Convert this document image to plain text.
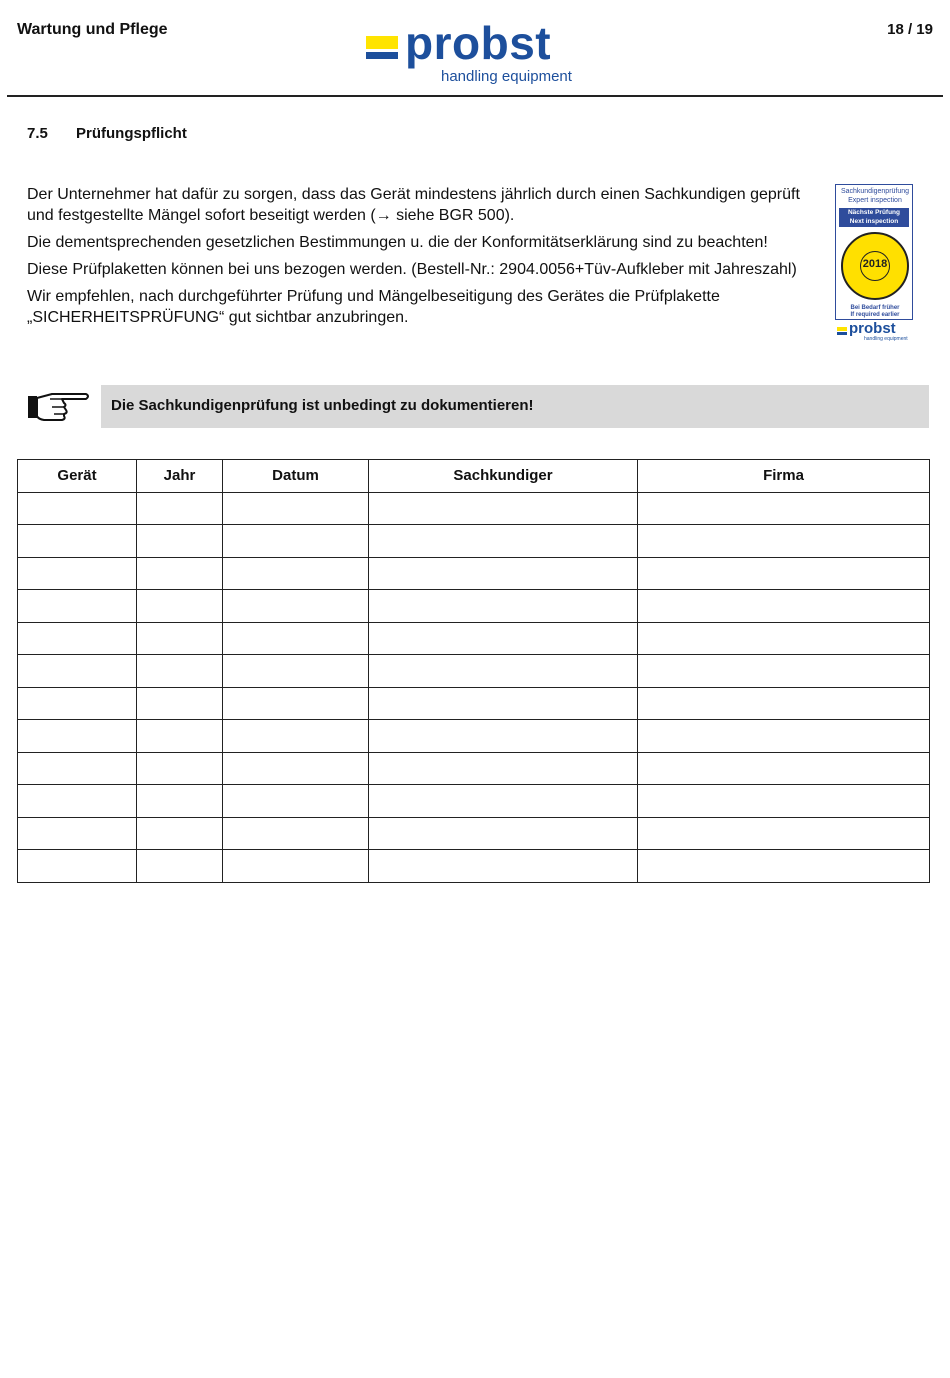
Wartung und Pflege	18 / 19
probst
handling equipment
7.5 Prüfungspflicht

Der Unternehmer hat dafür zu sorgen, dass das Gerät mindestens jährlich durch einen Sachkundigen geprüft und festgestellte Mängel sofort beseitigt werden (→ siehe BGR 500).

Die dementsprechenden gesetzlichen Bestimmungen u. die der Konformitätserklärung sind zu beachten!

Diese Prüfplaketten können bei uns bezogen werden. (Bestell-Nr.: 2904.0056+Tüv-Aufkleber mit Jahreszahl)

Wir empfehlen, nach durchgeführter Prüfung und Mängelbeseitigung des Gerätes die Prüfplakette „SICHERHEITSPRÜFUNG“ gut sichtbar anzubringen.

Sachkundigenprüfung
Expert inspection
Nächste Prüfung
Next inspection
2018
Bei Bedarf früher
If required earlier
probst
handling equipment
Die Sachkundigenprüfung ist unbedingt zu dokumentieren!
Gerät	Jahr	Datum	Sachkundiger	Firma
